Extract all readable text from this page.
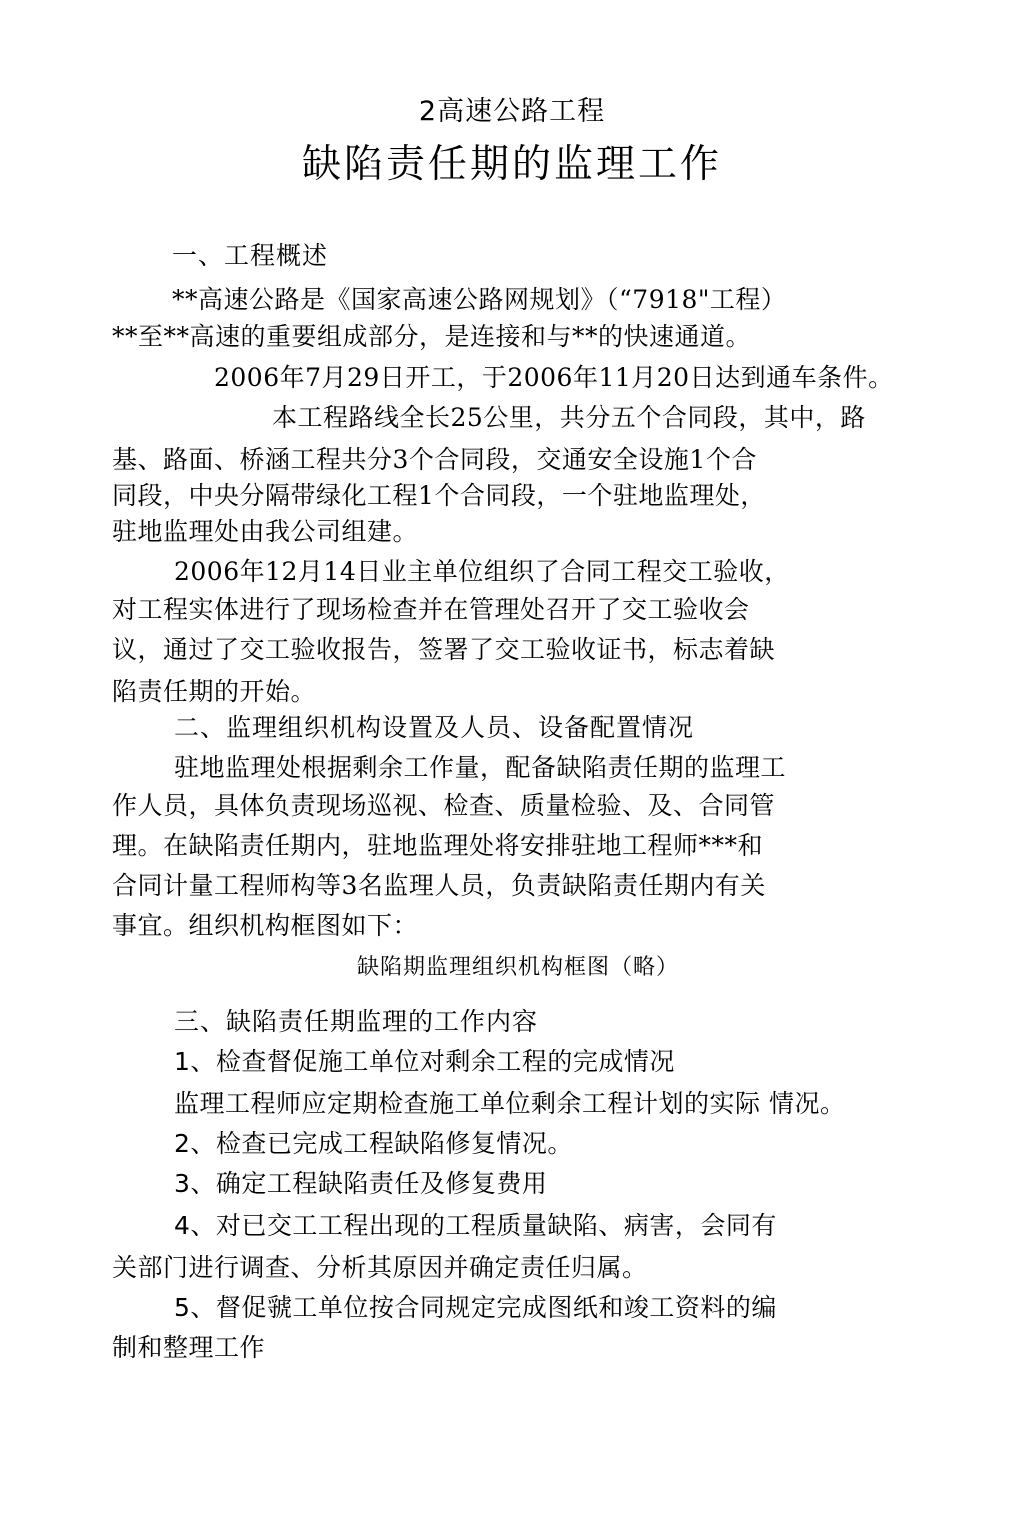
2高速公路工程
缺陷责任期的监理工作
一、工程概述
**高速公路是《国家高速公路网规划》（“7918"工程）
**至**高速的重要组成部分，是连接和与**的快速通道。
2006年7月29日开工，于2006年11月20日达到通车条件。
本工程路线全长25公里，共分五个合同段，其中，路
基、路面、桥涵工程共分3个合同段，交通安全设施1个合
同段，中央分隔带绿化工程1个合同段，一个驻地监理处，
驻地监理处由我公司组建。
2006年12月14日业主单位组织了合同工程交工验收，
对工程实体进行了现场检查并在管理处召开了交工验收会
议，通过了交工验收报告，签署了交工验收证书，标志着缺
陷责任期的开始。
二、监理组织机构设置及人员、设备配置情况
驻地监理处根据剩余工作量，配备缺陷责任期的监理工
作人员，具体负责现场巡视、检查、质量检验、及、合同管
理。在缺陷责任期内，驻地监理处将安排驻地工程师***和
合同计量工程师构等3名监理人员，负责缺陷责任期内有关
事宜。组织机构框图如下：
缺陷期监理组织机构框图（略）
三、缺陷责任期监理的工作内容
1、检查督促施工单位对剩余工程的完成情况
监理工程师应定期检查施工单位剩余工程计划的实际 情况。
2、检查已完成工程缺陷修复情况。
3、确定工程缺陷责任及修复费用
4、对已交工工程出现的工程质量缺陷、病害，会同有
关部门进行调查、分析其原因并确定责任归属。
5、督促虢工单位按合同规定完成图纸和竣工资料的编
制和整理工作
